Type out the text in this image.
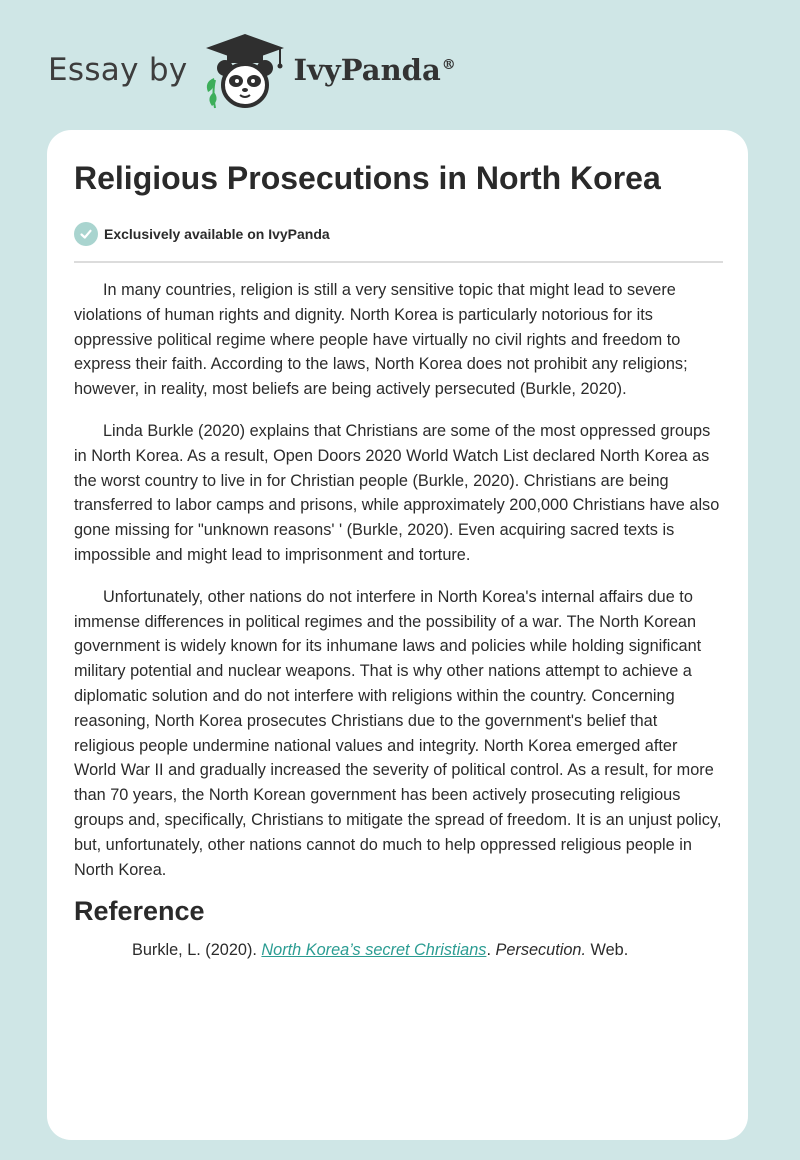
Essay by	IvyPanda®
Religious Prosecutions in North Korea
Exclusively available on IvyPanda

In many countries, religion is still a very sensitive topic that might lead to severe violations of human rights and dignity. North Korea is particularly notorious for its oppressive political regime where people have virtually no civil rights and freedom to express their faith. According to the laws, North Korea does not prohibit any religions; however, in reality, most beliefs are being actively persecuted (Burkle, 2020).

Linda Burkle (2020) explains that Christians are some of the most oppressed groups in North Korea. As a result, Open Doors 2020 World Watch List declared North Korea as the worst country to live in for Christian people (Burkle, 2020). Christians are being transferred to labor camps and prisons, while approximately 200,000 Christians have also gone missing for "unknown reasons' ' (Burkle, 2020). Even acquiring sacred texts is impossible and might lead to imprisonment and torture.

Unfortunately, other nations do not interfere in North Korea's internal affairs due to immense differences in political regimes and the possibility of a war. The North Korean government is widely known for its inhumane laws and policies while holding significant military potential and nuclear weapons. That is why other nations attempt to achieve a diplomatic solution and do not interfere with religions within the country. Concerning reasoning, North Korea prosecutes Christians due to the government's belief that religious people undermine national values and integrity. North Korea emerged after World War II and gradually increased the severity of political control. As a result, for more than 70 years, the North Korean government has been actively prosecuting religious groups and, specifically, Christians to mitigate the spread of freedom. It is an unjust policy, but, unfortunately, other nations cannot do much to help oppressed religious people in North Korea.

Reference

Burkle, L. (2020). North Korea’s secret Christians. Persecution. Web.
